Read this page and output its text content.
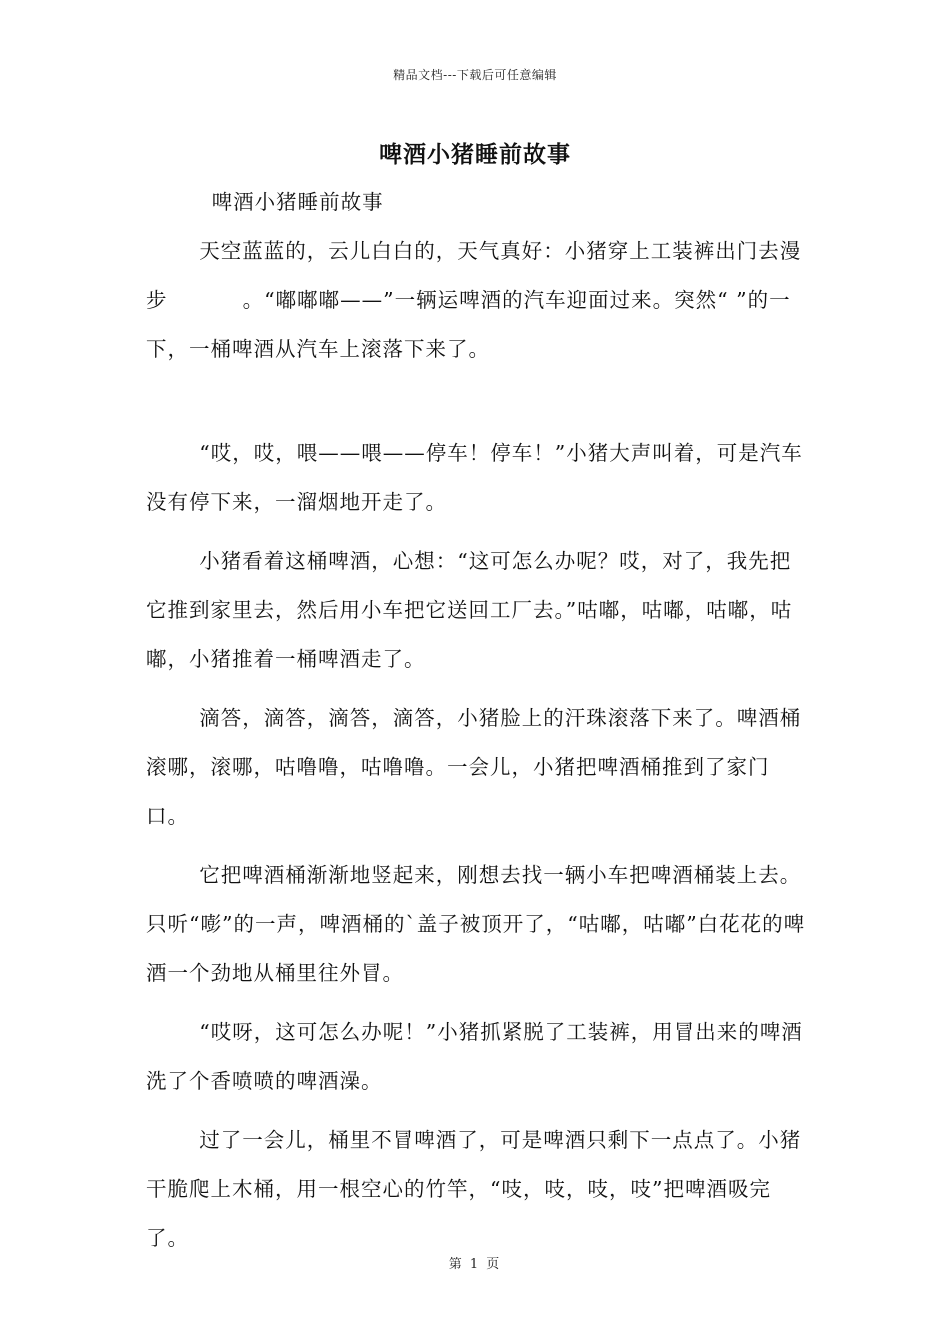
精品文档---下载后可任意编辑
啤酒小猪睡前故事

啤酒小猪睡前故事

天空蓝蓝的，云儿白白的，天气真好：小猪穿上工装裤出门去漫步          。“嘟嘟嘟——”一辆运啤酒的汽车迎面过来。突然“ ”的一下，一桶啤酒从汽车上滚落下来了。

“哎，哎，喂——喂——停车！停车！”小猪大声叫着，可是汽车没有停下来，一溜烟地开走了。

小猪看着这桶啤酒，心想：“这可怎么办呢？哎，对了，我先把它推到家里去，然后用小车把它送回工厂去。”咕嘟，咕嘟，咕嘟，咕嘟，小猪推着一桶啤酒走了。

滴答，滴答，滴答，滴答，小猪脸上的汗珠滚落下来了。啤酒桶滚哪，滚哪，咕噜噜，咕噜噜。一会儿，小猪把啤酒桶推到了家门口。

它把啤酒桶渐渐地竖起来，刚想去找一辆小车把啤酒桶装上去。只听“嘭”的一声，啤酒桶的`盖子被顶开了，“咕嘟，咕嘟”白花花的啤酒一个劲地从桶里往外冒。

“哎呀，这可怎么办呢！”小猪抓紧脱了工装裤，用冒出来的啤酒洗了个香喷喷的啤酒澡。

过了一会儿，桶里不冒啤酒了，可是啤酒只剩下一点点了。小猪干脆爬上木桶，用一根空心的竹竿，“吱，吱，吱，吱”把啤酒吸完了。

第 1 页
